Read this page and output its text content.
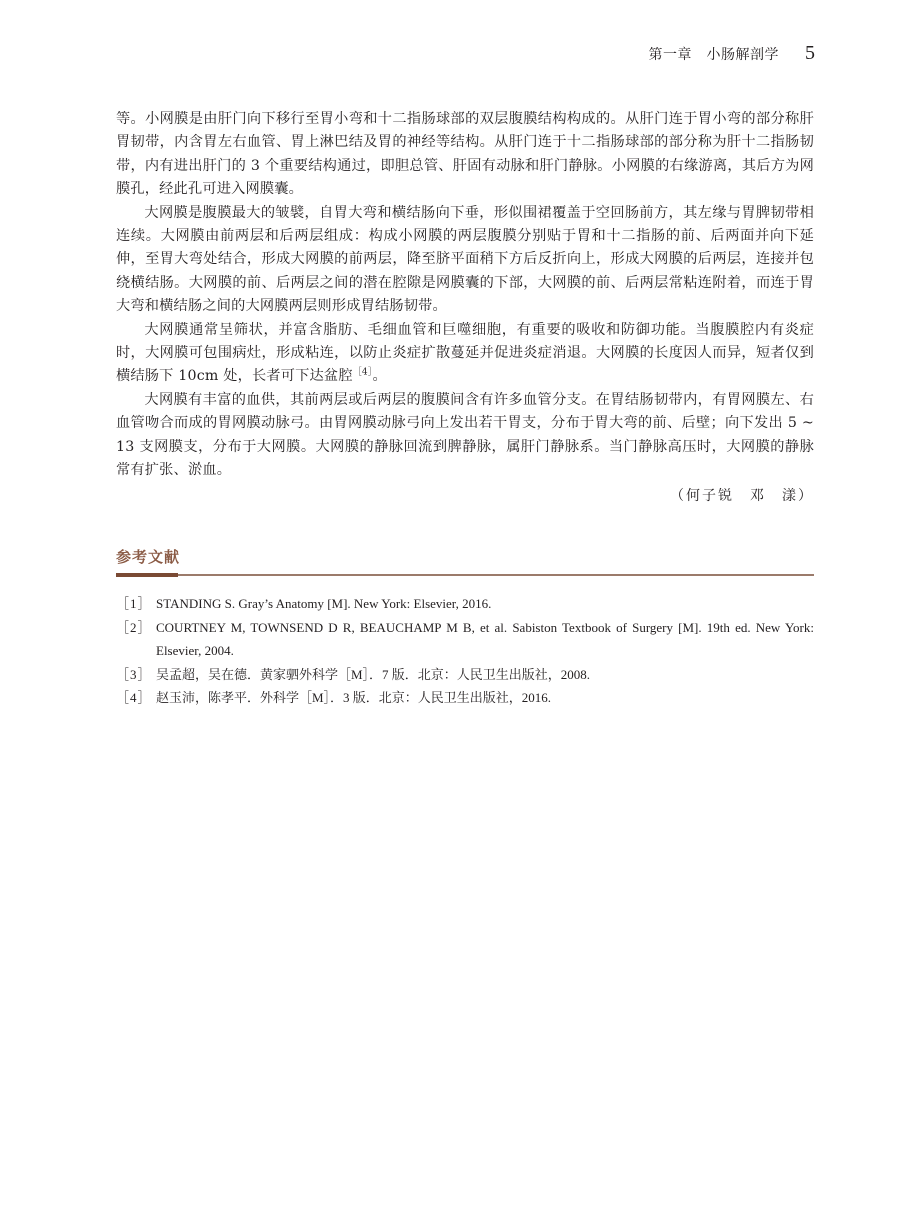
第一章　小肠解剖学 5

等。小网膜是由肝门向下移行至胃小弯和十二指肠球部的双层腹膜结构构成的。从肝门连于胃小弯的部分称肝胃韧带，内含胃左右血管、胃上淋巴结及胃的神经等结构。从肝门连于十二指肠球部的部分称为肝十二指肠韧带，内有进出肝门的 3 个重要结构通过，即胆总管、肝固有动脉和肝门静脉。小网膜的右缘游离，其后方为网膜孔，经此孔可进入网膜囊。

大网膜是腹膜最大的皱襞，自胃大弯和横结肠向下垂，形似围裙覆盖于空回肠前方，其左缘与胃脾韧带相连续。大网膜由前两层和后两层组成：构成小网膜的两层腹膜分别贴于胃和十二指肠的前、后两面并向下延伸，至胃大弯处结合，形成大网膜的前两层，降至脐平面稍下方后反折向上，形成大网膜的后两层，连接并包绕横结肠。大网膜的前、后两层之间的潜在腔隙是网膜囊的下部，大网膜的前、后两层常粘连附着，而连于胃大弯和横结肠之间的大网膜两层则形成胃结肠韧带。

大网膜通常呈筛状，并富含脂肪、毛细血管和巨噬细胞，有重要的吸收和防御功能。当腹膜腔内有炎症时，大网膜可包围病灶，形成粘连，以防止炎症扩散蔓延并促进炎症消退。大网膜的长度因人而异，短者仅到横结肠下 10cm 处，长者可下达盆腔$^{[4]}$。

大网膜有丰富的血供，其前两层或后两层的腹膜间含有许多血管分支。在胃结肠韧带内，有胃网膜左、右血管吻合而成的胃网膜动脉弓。由胃网膜动脉弓向上发出若干胃支，分布于胃大弯的前、后壁；向下发出 5 ~ 13 支网膜支，分布于大网膜。大网膜的静脉回流到脾静脉，属肝门静脉系。当门静脉高压时，大网膜的静脉常有扩张、淤血。

（何子锐　邓　漾）
参考文献
［1］ STANDING S. Gray’s Anatomy [M]. New York: Elsevier, 2016.
［2］ COURTNEY M, TOWNSEND D R, BEAUCHAMP M B, et al. Sabiston Textbook of Surgery [M]. 19th ed. New York: Elsevier, 2004.
［3］ 吴孟超，吴在德．黄家驷外科学［M］．7 版．北京：人民卫生出版社，2008.
［4］ 赵玉沛，陈孝平．外科学［M］．3 版．北京：人民卫生出版社，2016.
